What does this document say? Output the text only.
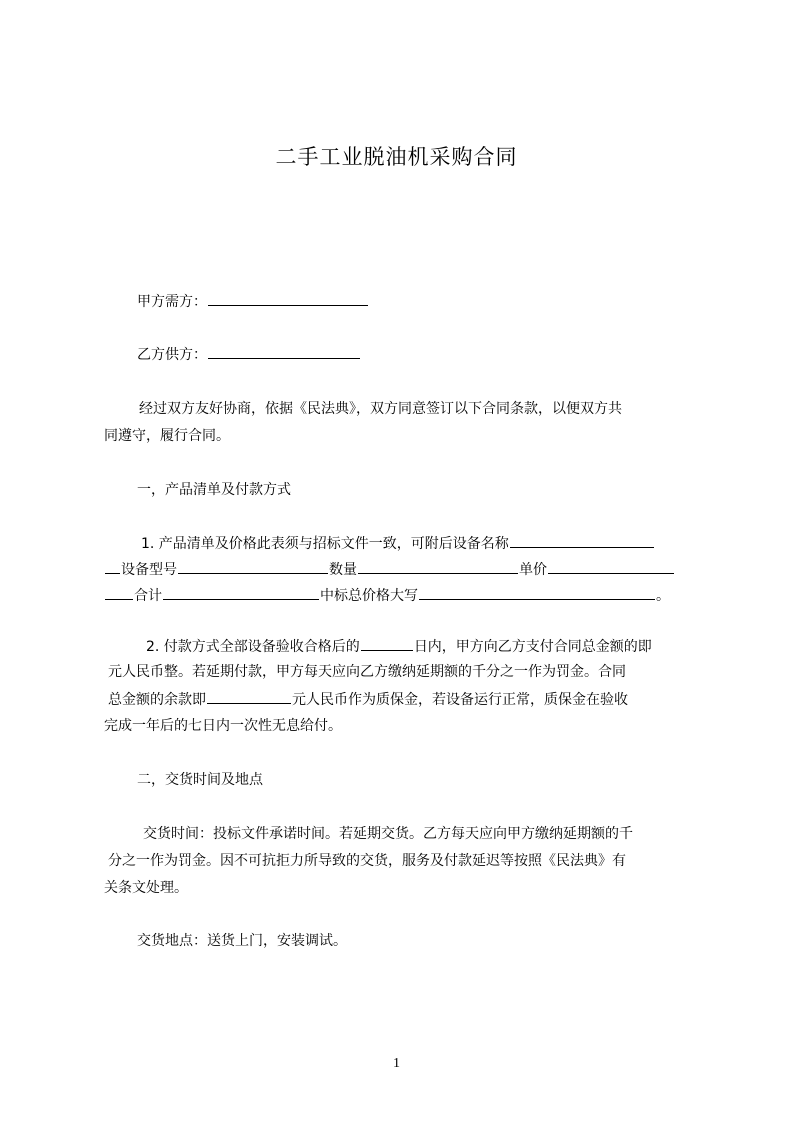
二手工业脱油机采购合同
甲方需方：
乙方供方：
经过双方友好协商，依据《民法典》，双方同意签订以下合同条款，以便双方共
同遵守，履行合同。
一，产品清单及付款方式
1. 产品清单及价格此表须与招标文件一致，可附后设备名称
设备型号	数量	单价
合计	中标总价格大写	。
2. 付款方式全部设备验收合格后的	日内，甲方向乙方支付合同总金额的即
元人民币整。若延期付款，甲方每天应向乙方缴纳延期额的千分之一作为罚金。合同
总金额的余款即	元人民币作为质保金，若设备运行正常，质保金在验收
完成一年后的七日内一次性无息给付。
二，交货时间及地点
交货时间：投标文件承诺时间。若延期交货。乙方每天应向甲方缴纳延期额的千
分之一作为罚金。因不可抗拒力所导致的交货，服务及付款延迟等按照《民法典》有
关条文处理。
交货地点：送货上门，安装调试。
1
